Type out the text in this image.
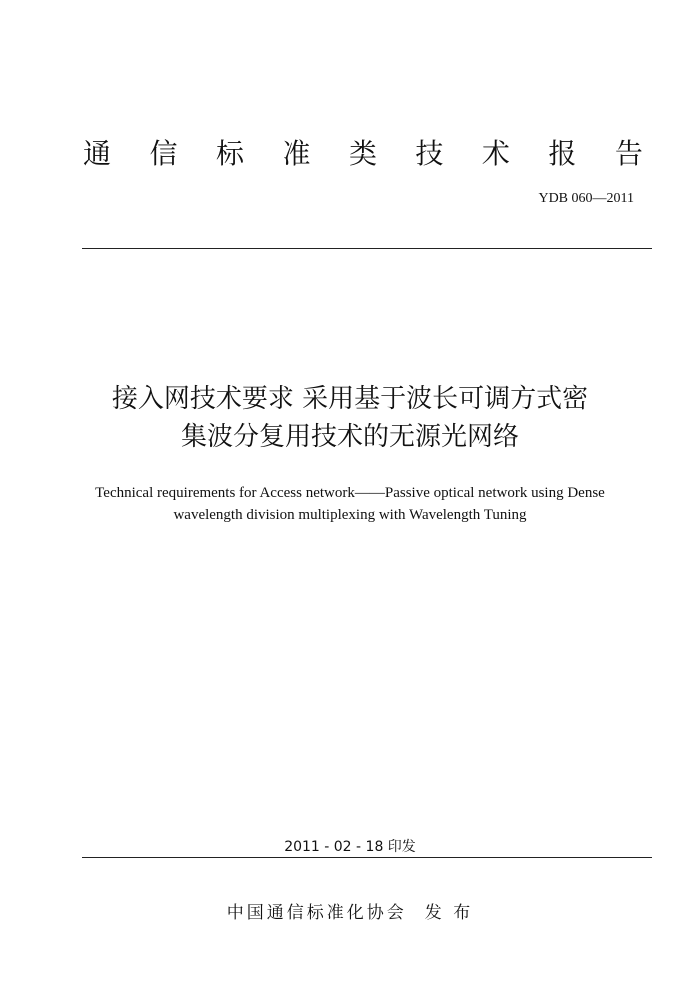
通 信 标 准 类 技 术 报 告
YDB 060—2011
接入网技术要求 采用基于波长可调方式密
集波分复用技术的无源光网络
Technical requirements for Access network——Passive optical network using Dense
wavelength division multiplexing with Wavelength Tuning
2011 - 02 - 18 印发
中国通信标准化协会 发 布
